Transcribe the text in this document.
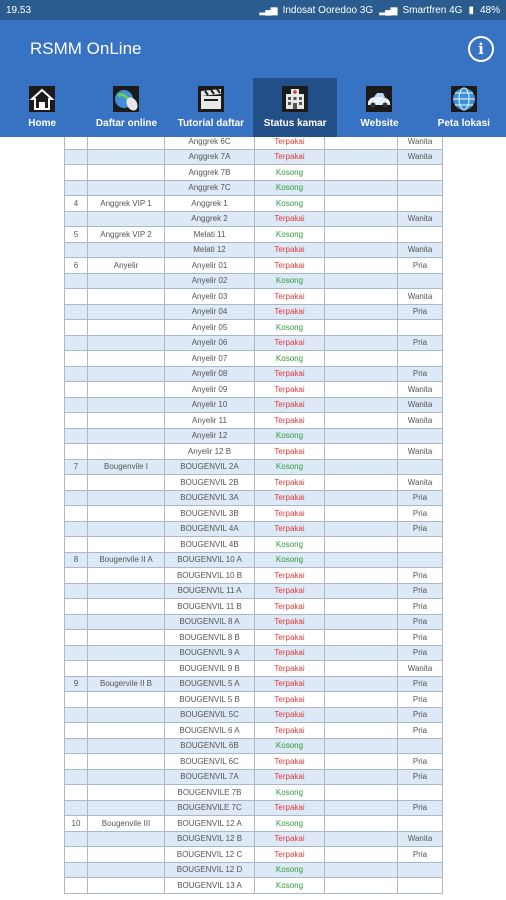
19.53	▂▄▆ Indosat Ooredoo 3G ▂▄▆ Smartfren 4G ▮ 48%
RSMM OnLine	i
Home	Daftar online Tutorial daftar Status kamar	Website	Peta lokasi
		Anggrek 6C	Terpakai		Wanita
		Anggrek 7A	Terpakai		Wanita
		Anggrek 7B	Kosong		
		Anggrek 7C	Kosong		
4	Anggrek VIP 1	Anggrek 1	Kosong		
		Anggrek 2	Terpakai		Wanita
5	Anggrek VIP 2	Melati 11	Kosong		
		Melati 12	Terpakai		Wanita
6	Anyelir	Anyelir 01	Terpakai		Pria
		Anyelir 02	Kosong		
		Anyelir 03	Terpakai		Wanita
		Anyelir 04	Terpakai		Pria
		Anyelir 05	Kosong		
		Anyelir 06	Terpakai		Pria
		Anyelir 07	Kosong		
		Anyelir 08	Terpakai		Pria
		Anyelir 09	Terpakai		Wanita
		Anyelir 10	Terpakai		Wanita
		Anyelir 11	Terpakai		Wanita
		Anyelir 12	Kosong		
		Anyelir 12 B	Terpakai		Wanita
7	Bougenvile I	BOUGENVIL 2A	Kosong		
		BOUGENVIL 2B	Terpakai		Wanita
		BOUGENVIL 3A	Terpakai		Pria
		BOUGENVIL 3B	Terpakai		Pria
		BOUGENVIL 4A	Terpakai		Pria
		BOUGENVIL 4B	Kosong		
8	Bougenvile II A	BOUGENVIL 10 A	Kosong		
		BOUGENVIL 10 B	Terpakai		Pria
		BOUGENVIL 11 A	Terpakai		Pria
		BOUGENVIL 11 B	Terpakai		Pria
		BOUGENVIL 8 A	Terpakai		Pria
		BOUGENVIL 8 B	Terpakai		Pria
		BOUGENVIL 9 A	Terpakai		Pria
		BOUGENVIL 9 B	Terpakai		Wanita
9	Bougervile II B	BOUGENVIL 5 A	Terpakai		Pria
		BOUGENVIL 5 B	Terpakai		Pria
		BOUGENVIL 5C	Terpakai		Pria
		BOUGENVIL 6 A	Terpakai		Pria
		BOUGENVIL 6B	Kosong		
		BOUGENVIL 6C	Terpakai		Pria
		BOUGENVIL 7A	Terpakai		Pria
		BOUGENVILE 7B	Kosong		
		BOUGENVILE 7C	Terpakai		Pria
10	Bougenvile III	BOUGENVIL 12 A	Kosong		
		BOUGENVIL 12 B	Terpakai		Wanita
		BOUGENVIL 12 C	Terpakai		Pria
		BOUGENVIL 12 D	Kosong		
		BOUGENVIL 13 A	Kosong		
